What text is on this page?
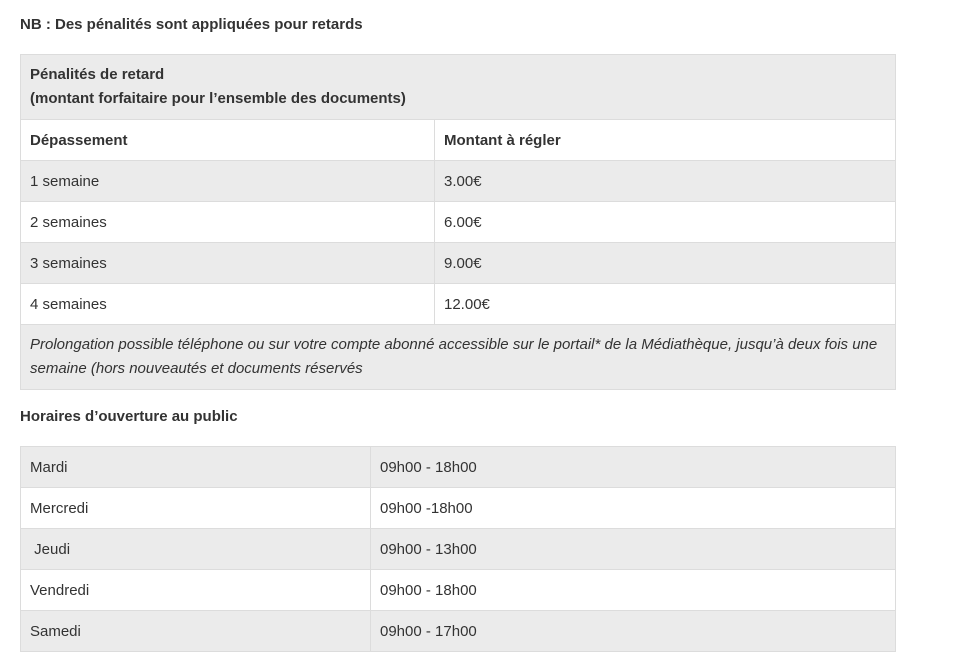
NB : Des pénalités sont appliquées pour retards

Pénalités de retard
(montant forfaitaire pour l’ensemble des documents)	

Dépassement	Montant à régler
1 semaine	3.00€
2 semaines	6.00€
3 semaines	9.00€
4 semaines	12.00€
Prolongation possible téléphone ou sur votre compte abonné accessible sur le portail* de la Médiathèque, jusqu’à deux fois une semaine (hors nouveautés et documents réservés	

Horaires d’ouverture au public

Mardi	09h00 - 18h00
Mercredi	09h00 -18h00
Jeudi	09h00 - 13h00
Vendredi	09h00 - 18h00
Samedi	09h00 - 17h00
